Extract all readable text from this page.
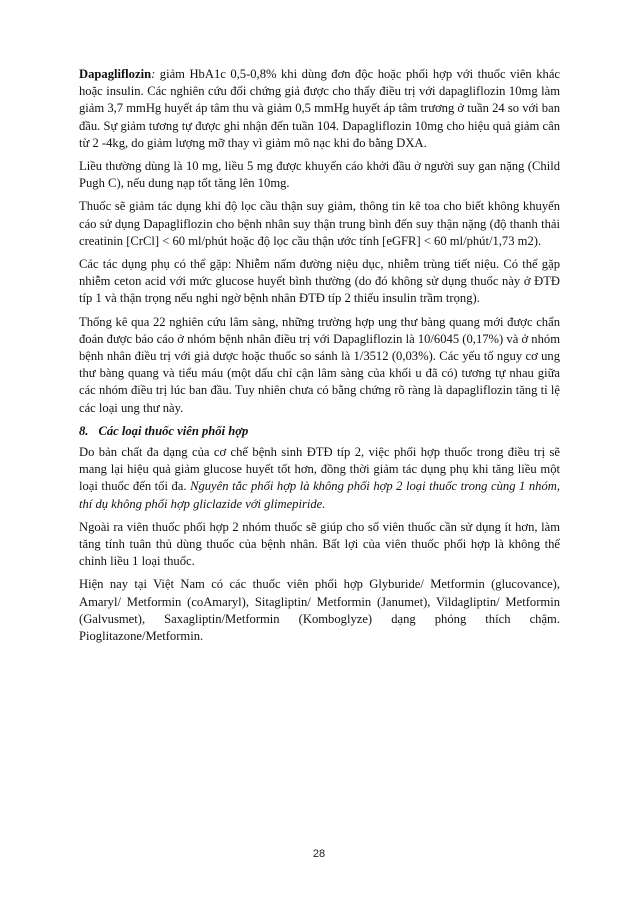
Dapagliflozin: giảm HbA1c 0,5-0,8% khi dùng đơn độc hoặc phối hợp với thuốc viên khác hoặc insulin. Các nghiên cứu đối chứng giả được cho thấy điều trị với dapagliflozin 10mg làm giảm 3,7 mmHg huyết áp tâm thu và giảm 0,5 mmHg huyết áp tâm trương ở tuần 24 so với ban đầu. Sự giảm tương tự được ghi nhận đến tuần 104. Dapagliflozin 10mg cho hiệu quả giảm cân từ 2 -4kg, do giảm lượng mỡ thay vì giảm mô nạc khi đo bằng DXA.

Liều thường dùng là 10 mg, liều 5 mg được khuyến cáo khởi đầu ở người suy gan nặng (Child Pugh C), nếu dung nạp tốt tăng lên 10mg.

Thuốc sẽ giảm tác dụng khi độ lọc cầu thận suy giảm, thông tin kê toa cho biết không khuyến cáo sử dụng Dapagliflozin cho bệnh nhân suy thận trung bình đến suy thận nặng (độ thanh thải creatinin [CrCl] < 60 ml/phút hoặc độ lọc cầu thận ước tính [eGFR] < 60 ml/phút/1,73 m2).

Các tác dụng phụ có thể gặp: Nhiễm nấm đường niệu dục, nhiễm trùng tiết niệu. Có thể gặp nhiễm ceton acid với mức glucose huyết bình thường (do đó không sử dụng thuốc này ở ĐTĐ típ 1 và thận trọng nếu nghi ngờ bệnh nhân ĐTĐ típ 2 thiếu insulin trầm trọng).

Thống kê qua 22 nghiên cứu lâm sàng, những trường hợp ung thư bàng quang mới được chẩn đoán được báo cáo ở nhóm bệnh nhân điều trị với Dapagliflozin là 10/6045 (0,17%) và ở nhóm bệnh nhân điều trị với giả dược hoặc thuốc so sánh là 1/3512 (0,03%). Các yếu tố nguy cơ ung thư bàng quang và tiểu máu (một dấu chỉ cận lâm sàng của khối u đã có) tương tự nhau giữa các nhóm điều trị lúc ban đầu. Tuy nhiên chưa có bằng chứng rõ ràng là dapagliflozin tăng tỉ lệ các loại ung thư này.

8. Các loại thuốc viên phối hợp

Do bản chất đa dạng của cơ chế bệnh sinh ĐTĐ típ 2, việc phối hợp thuốc trong điều trị sẽ mang lại hiệu quả giảm glucose huyết tốt hơn, đồng thời giảm tác dụng phụ khi tăng liều một loại thuốc đến tối đa. Nguyên tắc phối hợp là không phối hợp 2 loại thuốc trong cùng 1 nhóm, thí dụ không phối hợp gliclazide với glimepiride.

Ngoài ra viên thuốc phối hợp 2 nhóm thuốc sẽ giúp cho số viên thuốc cần sử dụng ít hơn, làm tăng tính tuân thủ dùng thuốc của bệnh nhân. Bất lợi của viên thuốc phối hợp là không thể chỉnh liều 1 loại thuốc.

Hiện nay tại Việt Nam có các thuốc viên phối hợp Glyburide/ Metformin (glucovance), Amaryl/ Metformin (coAmaryl), Sitagliptin/ Metformin (Janumet), Vildagliptin/ Metformin (Galvusmet), Saxagliptin/Metformin (Komboglyze) dạng phóng thích chậm. Pioglitazone/Metformin.

28
